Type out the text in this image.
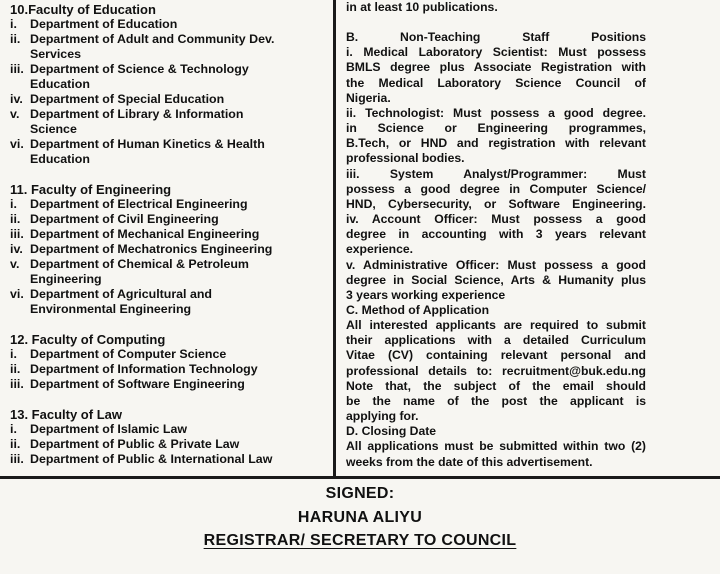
10.Faculty of Education
i.	Department of Education
ii. Department of Adult and Community Dev.
Services
iii. Department of Science & Technology
Education
iv. Department of Special Education
v. Department of Library & Information
Science
vi. Department of Human Kinetics & Health
Education
11. Faculty of Engineering
i.	Department of Electrical Engineering
ii. Department of Civil Engineering
iii. Department of Mechanical Engineering
iv. Department of Mechatronics Engineering
v. Department of Chemical & Petroleum
Engineering
vi. Department of Agricultural and
Environmental Engineering
12. Faculty of Computing
i.	Department of Computer Science
ii. Department of Information Technology
iii. Department of Software Engineering
13. Faculty of Law
i.	Department of Islamic Law
ii. Department of Public & Private Law
iii. Department of Public & International Law
in at least 10 publications.
B. Non-Teaching Staff Positions
i. Medical Laboratory Scientist: Must possess
BMLS degree plus Associate Registration with
the Medical Laboratory Science Council of
Nigeria.
ii. Technologist: Must possess a good degree.
in Science or Engineering programmes,
B.Tech, or HND and registration with relevant
professional bodies.
iii. System Analyst/Programmer: Must
possess a good degree in Computer Science/
HND, Cybersecurity, or Software Engineering.
iv. Account Officer: Must possess a good
degree in accounting with 3 years relevant
experience.
v. Administrative Officer: Must possess a good
degree in Social Science, Arts & Humanity plus
3 years working experience
C. Method of Application
All interested applicants are required to submit
their applications with a detailed Curriculum
Vitae (CV) containing relevant personal and
professional details to: recruitment@buk.edu.ng
Note that, the subject of the email should
be the name of the post the applicant is
applying for.
D. Closing Date
All applications must be submitted within two (2)
weeks from the date of this advertisement.
SIGNED:
HARUNA ALIYU
REGISTRAR/ SECRETARY TO COUNCIL
